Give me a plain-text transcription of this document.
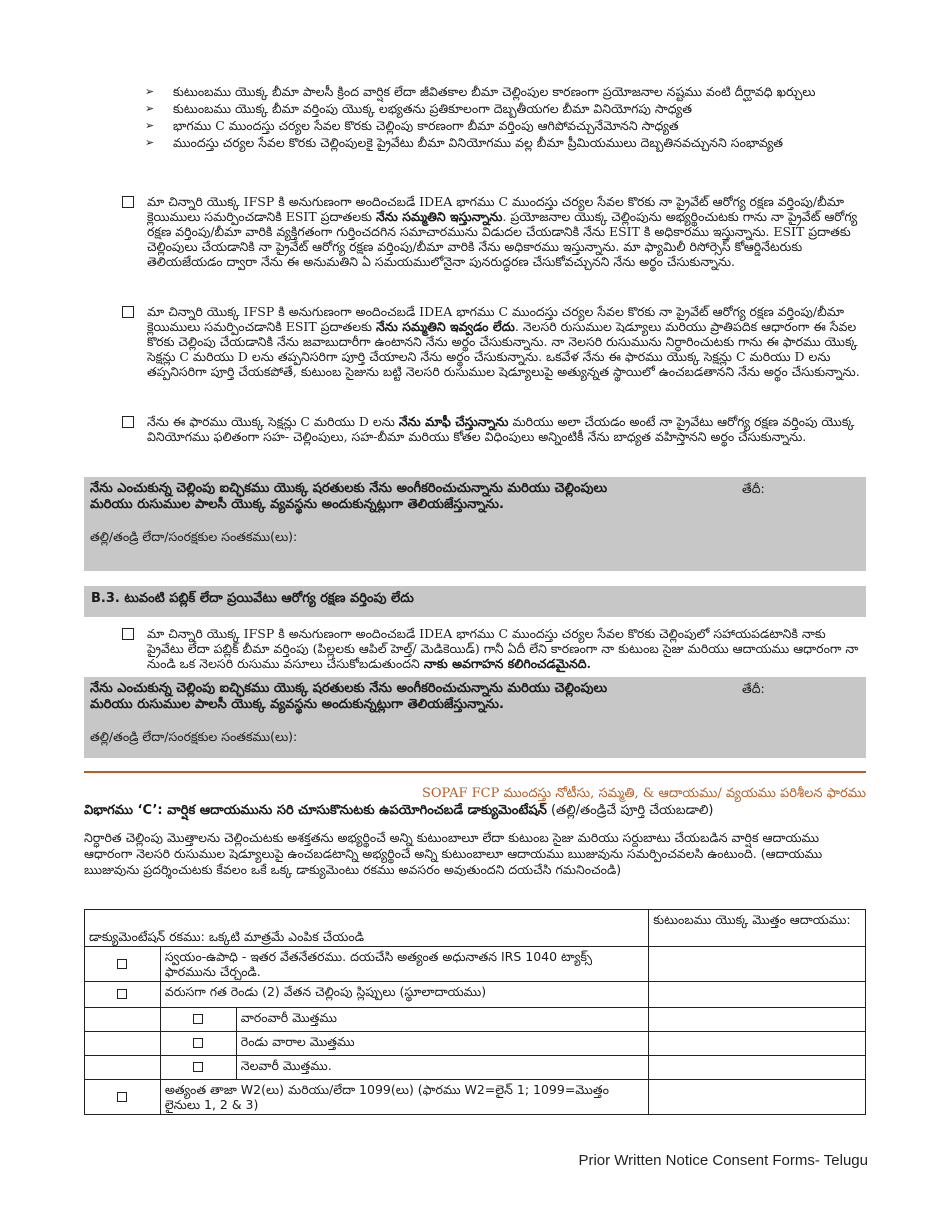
➢ కుటుంబము యొక్క బీమా పాలసీ క్రింద వార్షిక లేదా జీవితకాల బీమా చెల్లింపుల కారణంగా ప్రయోజనాల నష్టము వంటి దీర్ఘావధి ఖర్చులు
➢ కుటుంబము యొక్క బీమా వర్తింపు యొక్క లభ్యతను ప్రతికూలంగా దెబ్బతీయగల బీమా వినియోగపు సాధ్యత
➢ భాగము C ముందస్తు చర్యల సేవల కొరకు చెల్లింపు కారణంగా బీమా వర్తింపు ఆగిపోవచ్చునేమోనని సాధ్యత
➢ ముందస్తు చర్యల సేవల కొరకు చెల్లింపులకై ప్రైవేటు బీమా వినియోగము వల్ల బీమా ప్రీమియములు దెబ్బతినవచ్చునని సంభావ్యత
మా చిన్నారి యొక్క IFSP కి అనుగుణంగా అందించబడే IDEA భాగము C ముందస్తు చర్యల సేవల కొరకు నా ప్రైవేట్ ఆరోగ్య రక్షణ వర్తింపు/బీమా క్లెయిములు సమర్పించడానికి ESIT ప్రదాతలకు నేను సమ్మతిని ఇస్తున్నాను. ప్రయోజనాల యొక్క చెల్లింపును అభ్యర్థించుటకు గాను నా ప్రైవేట్ ఆరోగ్య రక్షణ వర్తింపు/బీమా వారికి వ్యక్తిగతంగా గుర్తించదగిన సమాచారమును విడుదల చేయడానికి నేను ESIT కి అధికారము ఇస్తున్నాను. ESIT ప్రదాతకు చెల్లింపులు చేయడానికి నా ప్రైవేట్ ఆరోగ్య రక్షణ వర్తింపు/బీమా వారికి నేను అధికారము ఇస్తున్నాను. మా ఫ్యామిలీ రిసోర్సెస్ కోఆర్డినేటరుకు తెలియజేయడం ద్వారా నేను ఈ అనుమతిని ఏ సమయములోనైనా పునరుద్ధరణ చేసుకోవచ్చునని నేను అర్థం చేసుకున్నాను.
మా చిన్నారి యొక్క IFSP కి అనుగుణంగా అందించబడే IDEA భాగము C ముందస్తు చర్యల సేవల కొరకు నా ప్రైవేట్ ఆరోగ్య రక్షణ వర్తింపు/బీమా క్లెయిములు సమర్పించడానికి ESIT ప్రదాతలకు నేను సమ్మతిని ఇవ్వడం లేదు. నెలసరి రుసుముల షెడ్యూలు మరియు ప్రాతిపదిక ఆధారంగా ఈ సేవల కొరకు చెల్లింపు చేయడానికి నేను జవాబుదారీగా ఉంటానని నేను అర్థం చేసుకున్నాను. నా నెలసరి రుసుమును నిర్ధారించుటకు గాను ఈ ఫారము యొక్క సెక్షన్లు C మరియు D లను తప్పనిసరిగా పూర్తి చేయాలని నేను అర్థం చేసుకున్నాను. ఒకవేళ నేను ఈ ఫారము యొక్క సెక్షన్లు C మరియు D లను తప్పనిసరిగా పూర్తి చేయకపోతే, కుటుంబ సైజును బట్టి నెలసరి రుసుముల షెడ్యూలుపై అత్యున్నత స్థాయిలో ఉంచబడతానని నేను అర్థం చేసుకున్నాను.
నేను ఈ ఫారము యొక్క సెక్షన్లు C మరియు D లను నేను మాఫీ చేస్తున్నాను మరియు అలా చేయడం అంటే నా ప్రైవేటు ఆరోగ్య రక్షణ వర్తింపు యొక్క వినియోగము ఫలితంగా సహ- చెల్లింపులు, సహ-బీమా మరియు కోతల విధింపులు అన్నింటికీ నేను బాధ్యత వహిస్తానని అర్థం చేసుకున్నాను.
నేను ఎంచుకున్న చెల్లింపు ఐచ్ఛికము యొక్క షరతులకు నేను అంగీకరించుచున్నాను మరియు చెల్లింపులు మరియు రుసుముల పాలసీ యొక్క వ్యవస్థను అందుకున్నట్లుగా తెలియజేస్తున్నాను.
తేదీ:
తల్లి/తండ్రి లేదా/సంరక్షకుల సంతకము(లు):
B.3. టువంటి పబ్లిక్ లేదా ప్రయివేటు ఆరోగ్య రక్షణ వర్తింపు లేదు
మా చిన్నారి యొక్క IFSP కి అనుగుణంగా అందించబడే IDEA భాగము C ముందస్తు చర్యల సేవల కొరకు చెల్లింపులో సహాయపడటానికి నాకు ప్రైవేటు లేదా పబ్లిక్ బీమా వర్తింపు (పిల్లలకు ఆపిల్ హెల్త్/ మెడికెయిడ్) గానీ ఏదీ లేని కారణంగా నా కుటుంబ సైజు మరియు ఆదాయము ఆధారంగా నా నుండి ఒక నెలసరి రుసుము వసూలు చేసుకోబడుతుందని నాకు అవగాహన కలిగించడమైనది.
నేను ఎంచుకున్న చెల్లింపు ఐచ్ఛికము యొక్క షరతులకు నేను అంగీకరించుచున్నాను మరియు చెల్లింపులు మరియు రుసుముల పాలసీ యొక్క వ్యవస్థను అందుకున్నట్లుగా తెలియజేస్తున్నాను.
తేదీ:
తల్లి/తండ్రి లేదా/సంరక్షకుల సంతకము(లు):
SOPAF FCP ముందస్తు నోటీసు, సమ్మతి, & ఆదాయము/ వ్యయము పరిశీలన ఫారము
విభాగము ‘C’: వార్షిక ఆదాయమును సరి చూసుకొనుటకు ఉపయోగించబడే డాక్యుమెంటేషన్ (తల్లి/తండ్రిచే పూర్తి చేయబడాలి)
నిర్ధారిత చెల్లింపు మొత్తాలను చెల్లించుటకు అశక్తతను అభ్యర్థించే అన్ని కుటుంబాలూ లేదా కుటుంబ సైజు మరియు సర్దుబాటు చేయబడిన వార్షిక ఆదాయము ఆధారంగా నెలసరి రుసుముల షెడ్యూలుపై ఉంచబడటాన్ని అభ్యర్థించే అన్ని కుటుంబాలూ ఆదాయము ఋజువును సమర్పించవలసి ఉంటుంది. (ఆదాయము ఋజువును ప్రదర్శించుటకు కేవలం ఒకే ఒక్క డాక్యుమెంటు రకము అవసరం అవుతుందని దయచేసి గమనించండి)
డాక్యుమెంటేషన్ రకము: ఒక్కటి మాత్రమే ఎంపిక చేయండి			కుటుంబము యొక్క మొత్తం ఆదాయము:
	స్వయం-ఉపాధి - ఇతర వేతనేతరము. దయచేసి అత్యంత అధునాతన IRS 1040 ట్యాక్స్ ఫారమును చేర్చండి.		
	వరుసగా గత రెండు (2) వేతన చెల్లింపు స్లిప్పులు (స్థూలాదాయము)		
		వారంవారీ మొత్తము	
		రెండు వారాల మొత్తము	
		నెలవారీ మొత్తము.	
	అత్యంత తాజా W2(లు) మరియు/లేదా 1099(లు) (ఫారము W2=లైన్ 1; 1099=మొత్తం లైనులు 1, 2 & 3)		
Prior Written Notice Consent Forms- Telugu
